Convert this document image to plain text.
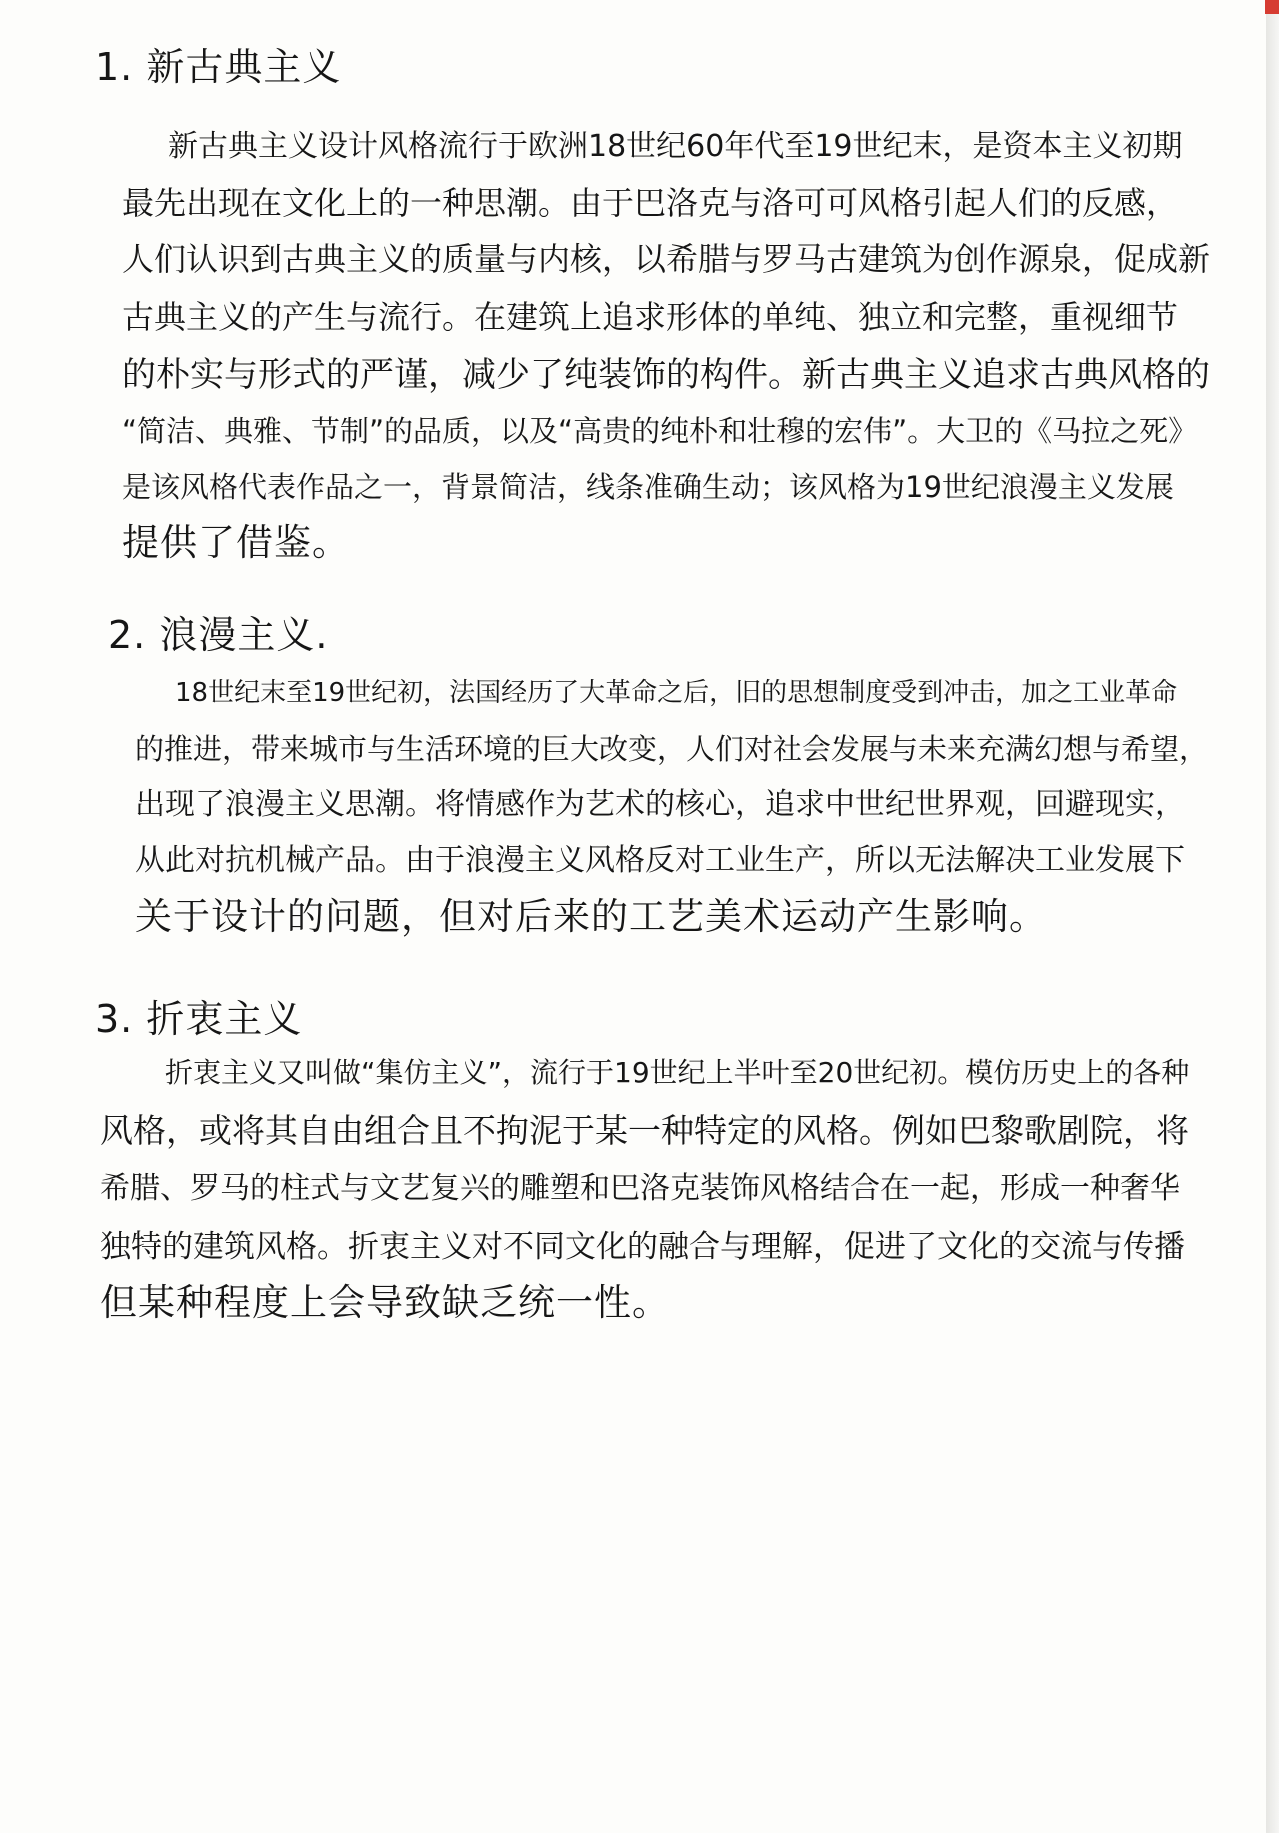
1. 新古典主义
新古典主义设计风格流行于欧洲18世纪60年代至19世纪末，是资本主义初期
最先出现在文化上的一种思潮。由于巴洛克与洛可可风格引起人们的反感，
人们认识到古典主义的质量与内核，以希腊与罗马古建筑为创作源泉，促成新
古典主义的产生与流行。在建筑上追求形体的单纯、独立和完整，重视细节
的朴实与形式的严谨，减少了纯装饰的构件。新古典主义追求古典风格的
“简洁、典雅、节制”的品质，以及“高贵的纯朴和壮穆的宏伟”。大卫的《马拉之死》
是该风格代表作品之一，背景简洁，线条准确生动；该风格为19世纪浪漫主义发展
提供了借鉴。
2. 浪漫主义.
18世纪末至19世纪初，法国经历了大革命之后，旧的思想制度受到冲击，加之工业革命
的推进，带来城市与生活环境的巨大改变，人们对社会发展与未来充满幻想与希望，
出现了浪漫主义思潮。将情感作为艺术的核心，追求中世纪世界观，回避现实，
从此对抗机械产品。由于浪漫主义风格反对工业生产，所以无法解决工业发展下
关于设计的问题，但对后来的工艺美术运动产生影响。
3. 折衷主义
折衷主义又叫做“集仿主义”，流行于19世纪上半叶至20世纪初。模仿历史上的各种
风格，或将其自由组合且不拘泥于某一种特定的风格。例如巴黎歌剧院，将
希腊、罗马的柱式与文艺复兴的雕塑和巴洛克装饰风格结合在一起，形成一种奢华
独特的建筑风格。折衷主义对不同文化的融合与理解，促进了文化的交流与传播
但某种程度上会导致缺乏统一性。
